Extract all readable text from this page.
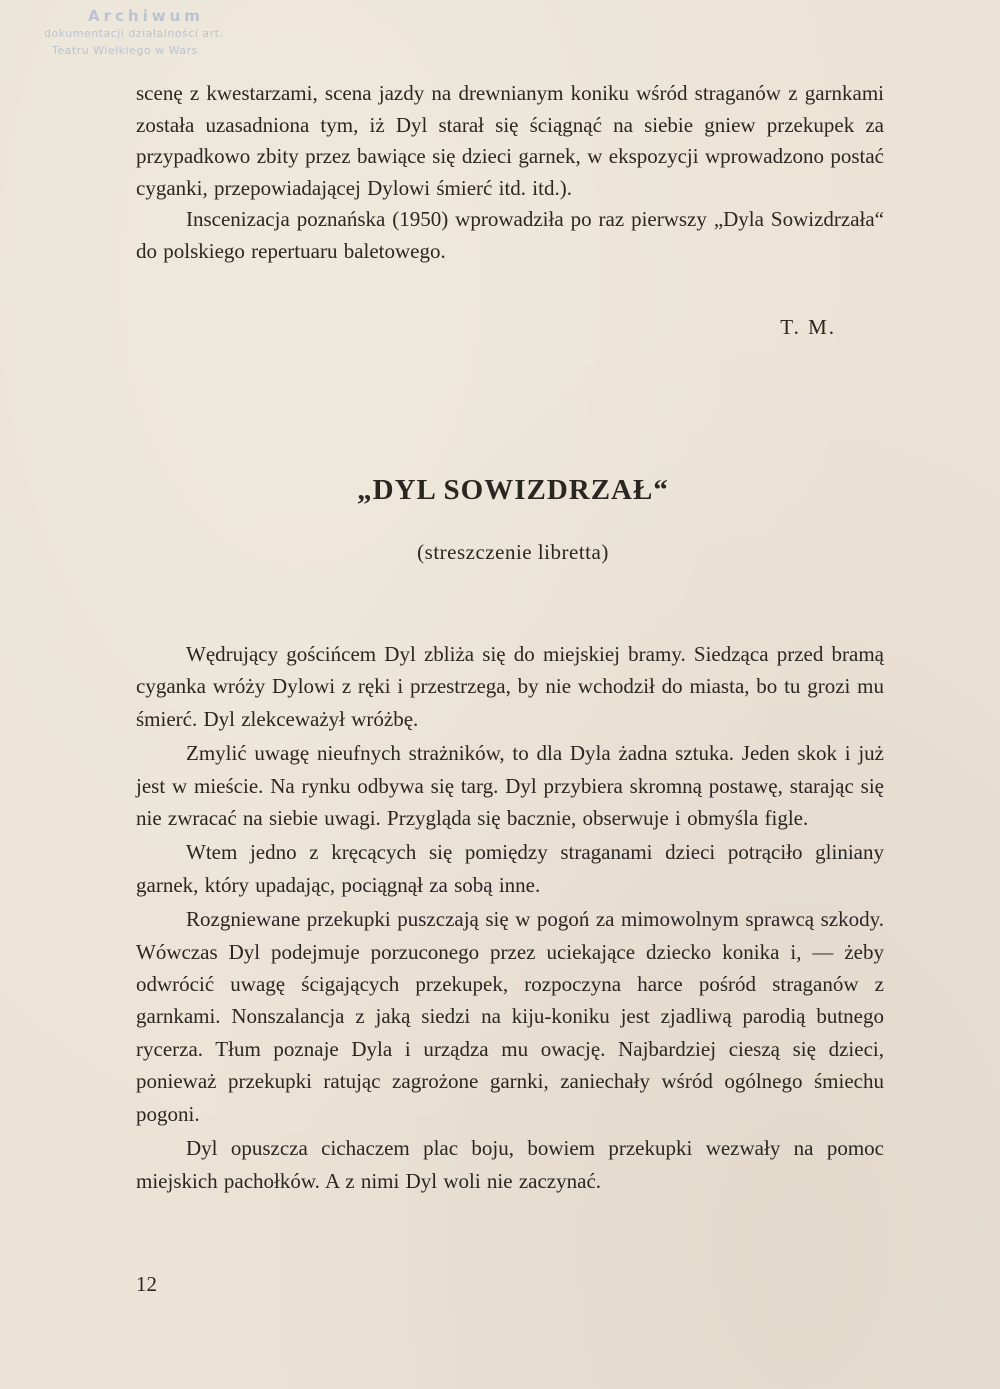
Archiwum
dokumentacji działalności art.
Teatru Wielkiego w Wars

scenę z kwestarzami, scena jazdy na drewnianym koniku wśród straganów z garnkami została uzasadniona tym, iż Dyl starał się ściągnąć na siebie gniew przekupek za przypadkowo zbity przez bawiące się dzieci garnek, w ekspozycji wprowadzono postać cyganki, przepowiadającej Dylowi śmierć itd. itd.).

Inscenizacja poznańska (1950) wprowadziła po raz pierwszy „Dyla Sowizdrzała“ do polskiego repertuaru baletowego.

T. M.
„DYL SOWIZDRZAŁ“
(streszczenie libretta)

Wędrujący gościńcem Dyl zbliża się do miejskiej bramy. Siedząca przed bramą cyganka wróży Dylowi z ręki i przestrzega, by nie wchodził do miasta, bo tu grozi mu śmierć. Dyl zlekceważył wróżbę.

Zmylić uwagę nieufnych strażników, to dla Dyla żadna sztuka. Jeden skok i już jest w mieście. Na rynku odbywa się targ. Dyl przybiera skromną postawę, starając się nie zwracać na siebie uwagi. Przygląda się bacznie, obserwuje i obmyśla figle.

Wtem jedno z kręcących się pomiędzy straganami dzieci potrąciło gliniany garnek, który upadając, pociągnął za sobą inne.

Rozgniewane przekupki puszczają się w pogoń za mimowolnym sprawcą szkody. Wówczas Dyl podejmuje porzuconego przez uciekające dziecko konika i, — żeby odwrócić uwagę ścigających przekupek, rozpoczyna harce pośród straganów z garnkami. Nonszalancja z jaką siedzi na kiju-koniku jest zjadliwą parodią butnego rycerza. Tłum poznaje Dyla i urządza mu owację. Najbardziej cieszą się dzieci, ponieważ przekupki ratując zagrożone garnki, zaniechały wśród ogólnego śmiechu pogoni.

Dyl opuszcza cichaczem plac boju, bowiem przekupki wezwały na pomoc miejskich pachołków. A z nimi Dyl woli nie zaczynać.

12
